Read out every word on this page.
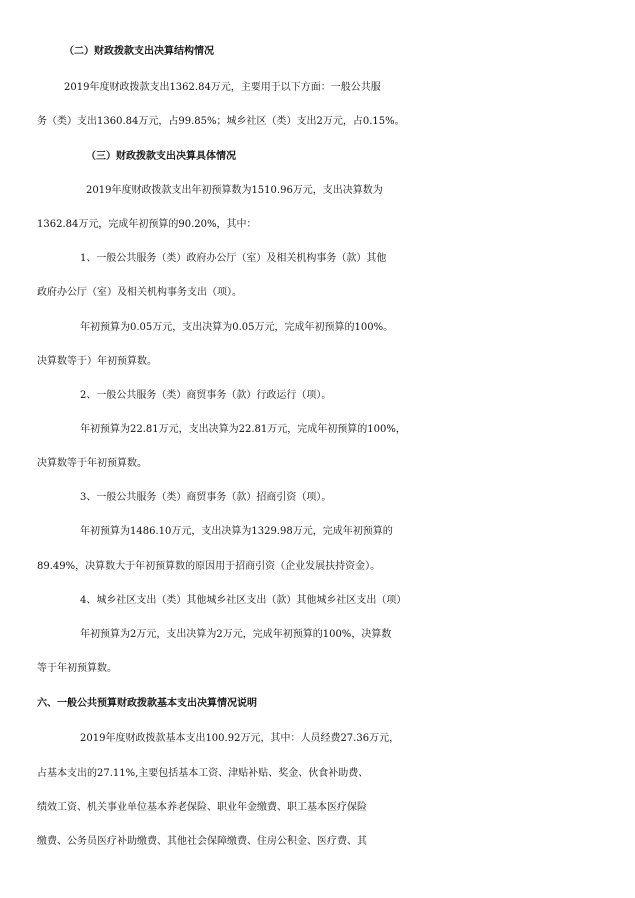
（二）财政拨款支出决算结构情况
2019年度财政拨款支出1362.84万元，主要用于以下方面：一般公共服
务（类）支出1360.84万元，占99.85%；城乡社区（类）支出2万元，占0.15%。
（三）财政拨款支出决算具体情况
2019年度财政拨款支出年初预算数为1510.96万元，支出决算数为
1362.84万元，完成年初预算的90.20%，其中：
1、一般公共服务（类）政府办公厅（室）及相关机构事务（款）其他
政府办公厅（室）及相关机构事务支出（项）。
年初预算为0.05万元，支出决算为0.05万元，完成年初预算的100%。
决算数等于）年初预算数。
2、一般公共服务（类）商贸事务（款）行政运行（项）。
年初预算为22.81万元，支出决算为22.81万元，完成年初预算的100%，
决算数等于年初预算数。
3、一般公共服务（类）商贸事务（款）招商引资（项）。
年初预算为1486.10万元，支出决算为1329.98万元，完成年初预算的
89.49%，决算数大于年初预算数的原因用于招商引资（企业发展扶持资金）。
4、城乡社区支出（类）其他城乡社区支出（款）其他城乡社区支出（项）
年初预算为2万元，支出决算为2万元，完成年初预算的100%，决算数
等于年初预算数。
六、一般公共预算财政拨款基本支出决算情况说明
2019年度财政拨款基本支出100.92万元，其中：人员经费27.36万元，
占基本支出的27.11%,主要包括基本工资、津贴补贴、奖金、伙食补助费、
绩效工资、机关事业单位基本养老保险、职业年金缴费、职工基本医疗保险
缴费、公务员医疗补助缴费、其他社会保障缴费、住房公积金、医疗费、其
